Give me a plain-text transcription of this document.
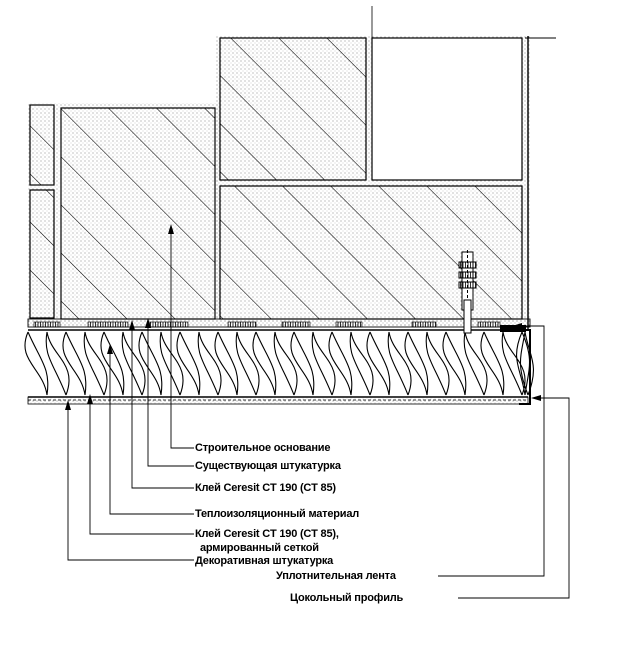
Строительное основание
Существующая штукатурка
Клей Ceresit CT 190 (CT 85)
Теплоизоляционный материал
Клей Ceresit CT 190 (CT 85),
армированный сеткой
Декоративная штукатурка
Уплотнительная лента
Цокольный профиль
